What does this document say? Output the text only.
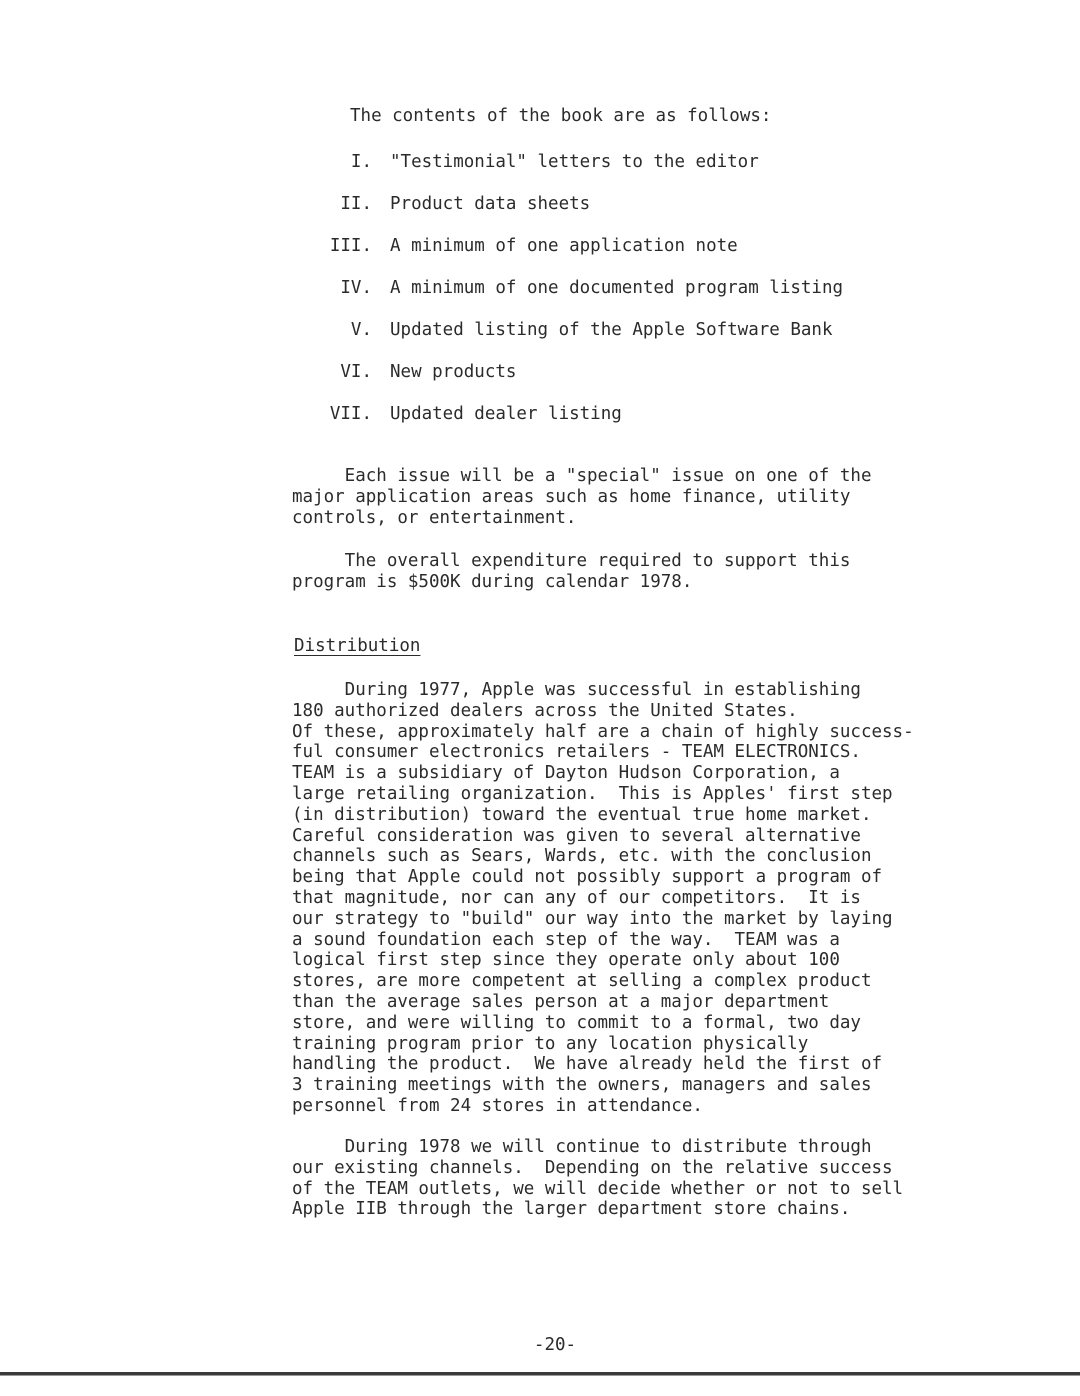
The contents of the book are as follows:

I.	"Testimonial" letters to the editor
II.	Product data sheets
III.	A minimum of one application note
IV.	A minimum of one documented program listing
V.	Updated listing of the Apple Software Bank
VI.	New products
VII.	Updated dealer listing

Each issue will be a "special" issue on one of the
major application areas such as home finance, utility
controls, or entertainment.

The overall expenditure required to support this
program is $500K during calendar 1978.

Distribution

During 1977, Apple was successful in establishing
180 authorized dealers across the United States.
Of these, approximately half are a chain of highly success-
ful consumer electronics retailers - TEAM ELECTRONICS.
TEAM is a subsidiary of Dayton Hudson Corporation, a
large retailing organization.  This is Apples' first step
(in distribution) toward the eventual true home market.
Careful consideration was given to several alternative
channels such as Sears, Wards, etc. with the conclusion
being that Apple could not possibly support a program of
that magnitude, nor can any of our competitors.  It is
our strategy to "build" our way into the market by laying
a sound foundation each step of the way.  TEAM was a
logical first step since they operate only about 100
stores, are more competent at selling a complex product
than the average sales person at a major department
store, and were willing to commit to a formal, two day
training program prior to any location physically
handling the product.  We have already held the first of
3 training meetings with the owners, managers and sales
personnel from 24 stores in attendance.

During 1978 we will continue to distribute through
our existing channels.  Depending on the relative success
of the TEAM outlets, we will decide whether or not to sell
Apple IIB through the larger department store chains.

-20-
